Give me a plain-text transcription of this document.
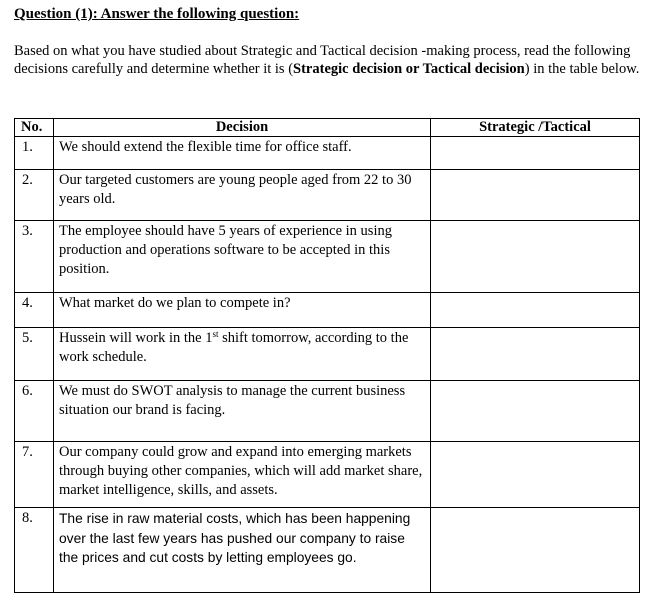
Question (1): Answer the following question:
Based on what you have studied about Strategic and Tactical decision -making process, read the following decisions carefully and determine whether it is (Strategic decision or Tactical decision) in the table below.
No.	Decision	Strategic /Tactical
1.	We should extend the flexible time for office staff.	
2.	Our targeted customers are young people aged from 22 to 30 years old.	
3.	The employee should have 5 years of experience in using production and operations software to be accepted in this position.	
4.	What market do we plan to compete in?	
5.	Hussein will work in the 1st shift tomorrow, according to the work schedule.	
6.	We must do SWOT analysis to manage the current business situation our brand is facing.	
7.	Our company could grow and expand into emerging markets through buying other companies, which will add market share, market intelligence, skills, and assets.	
8.	The rise in raw material costs, which has been happening over the last few years has pushed our company to raise the prices and cut costs by letting employees go.	
